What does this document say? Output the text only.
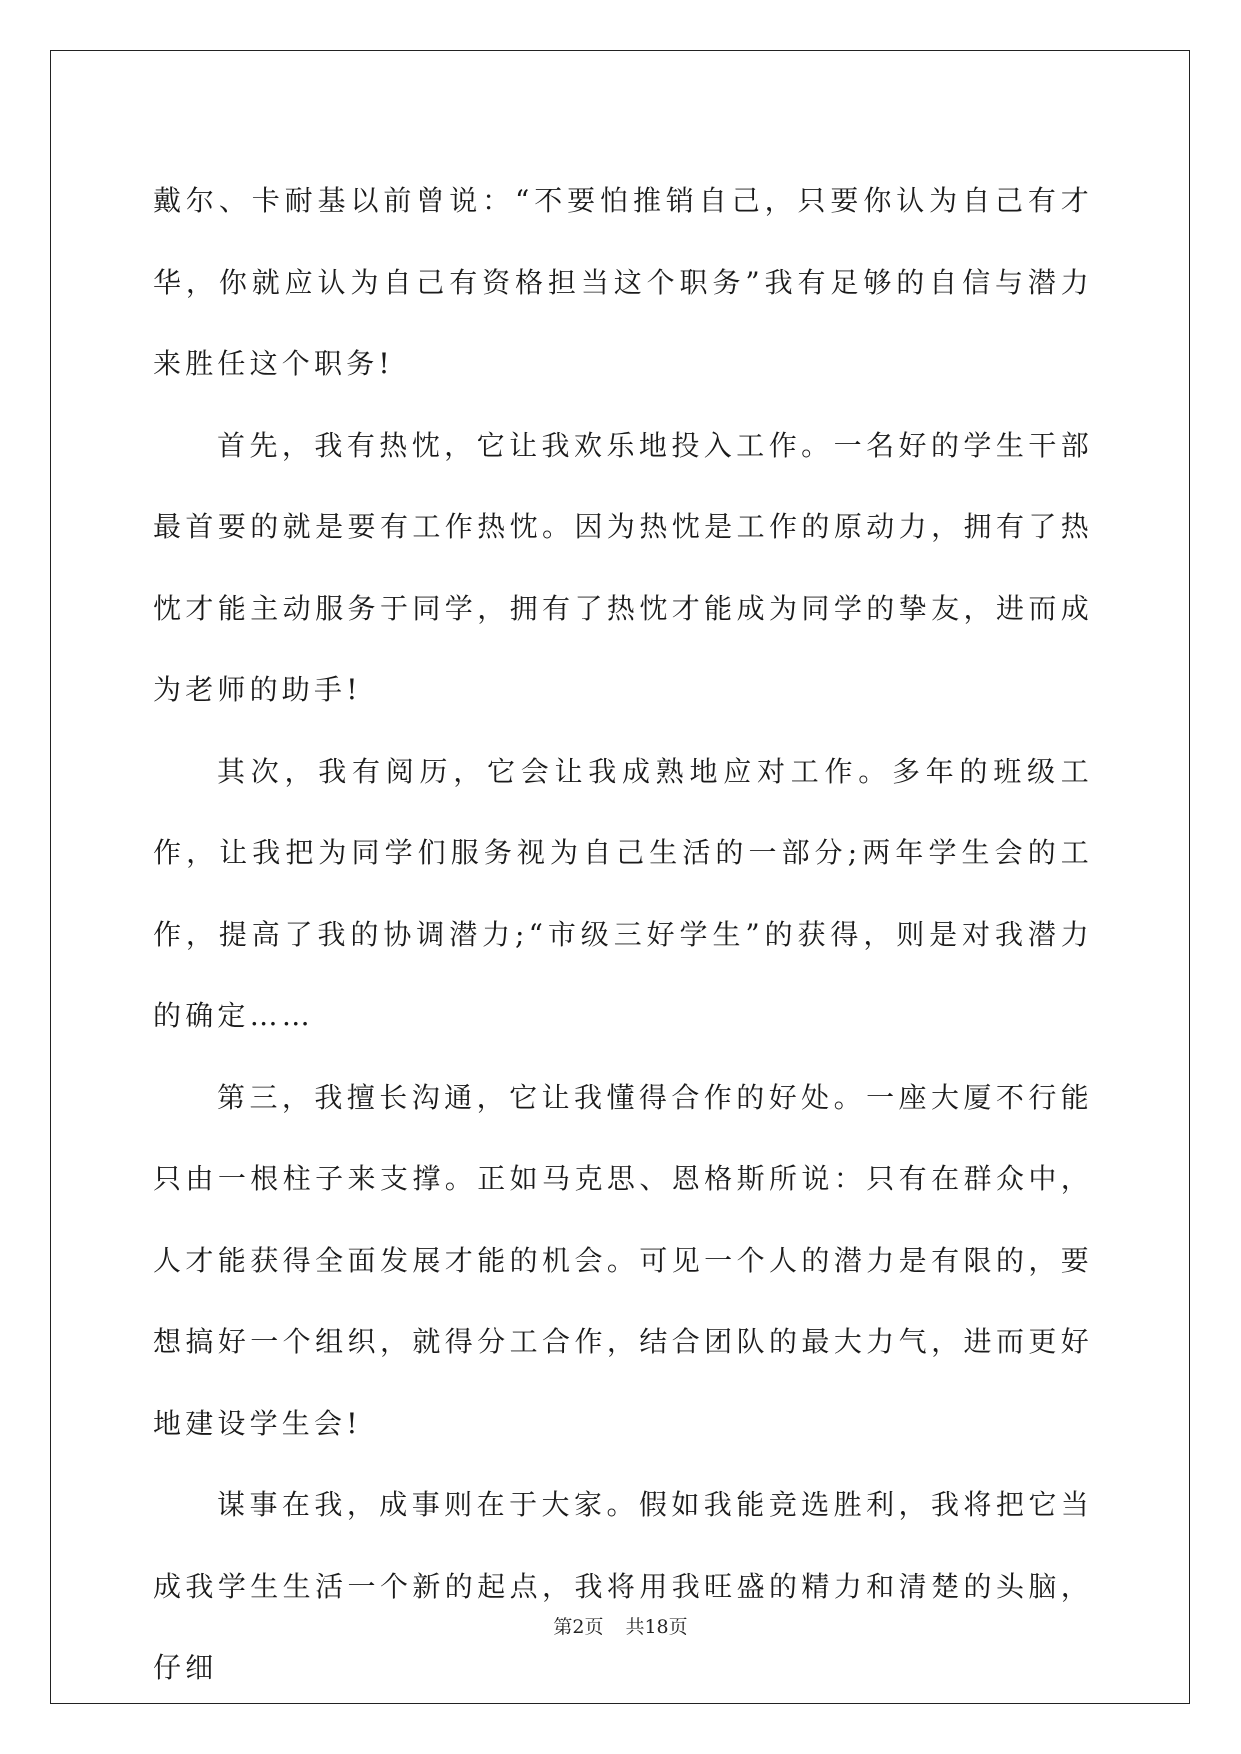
戴尔、卡耐基以前曾说：“不要怕推销自己，只要你认为自己有才华，你就应认为自己有资格担当这个职务”我有足够的自信与潜力来胜任这个职务!

首先，我有热忱，它让我欢乐地投入工作。一名好的学生干部最首要的就是要有工作热忱。因为热忱是工作的原动力，拥有了热忱才能主动服务于同学，拥有了热忱才能成为同学的挚友，进而成为老师的助手!

其次，我有阅历，它会让我成熟地应对工作。多年的班级工作，让我把为同学们服务视为自己生活的一部分;两年学生会的工作，提高了我的协调潜力;“市级三好学生”的获得，则是对我潜力的确定……

第三，我擅长沟通，它让我懂得合作的好处。一座大厦不行能只由一根柱子来支撑。正如马克思、恩格斯所说：只有在群众中，人才能获得全面发展才能的机会。可见一个人的潜力是有限的，要想搞好一个组织，就得分工合作，结合团队的最大力气，进而更好地建设学生会!

谋事在我，成事则在于大家。假如我能竞选胜利，我将把它当成我学生生活一个新的起点，我将用我旺盛的精力和清楚的头脑，仔细

第2页 共18页
